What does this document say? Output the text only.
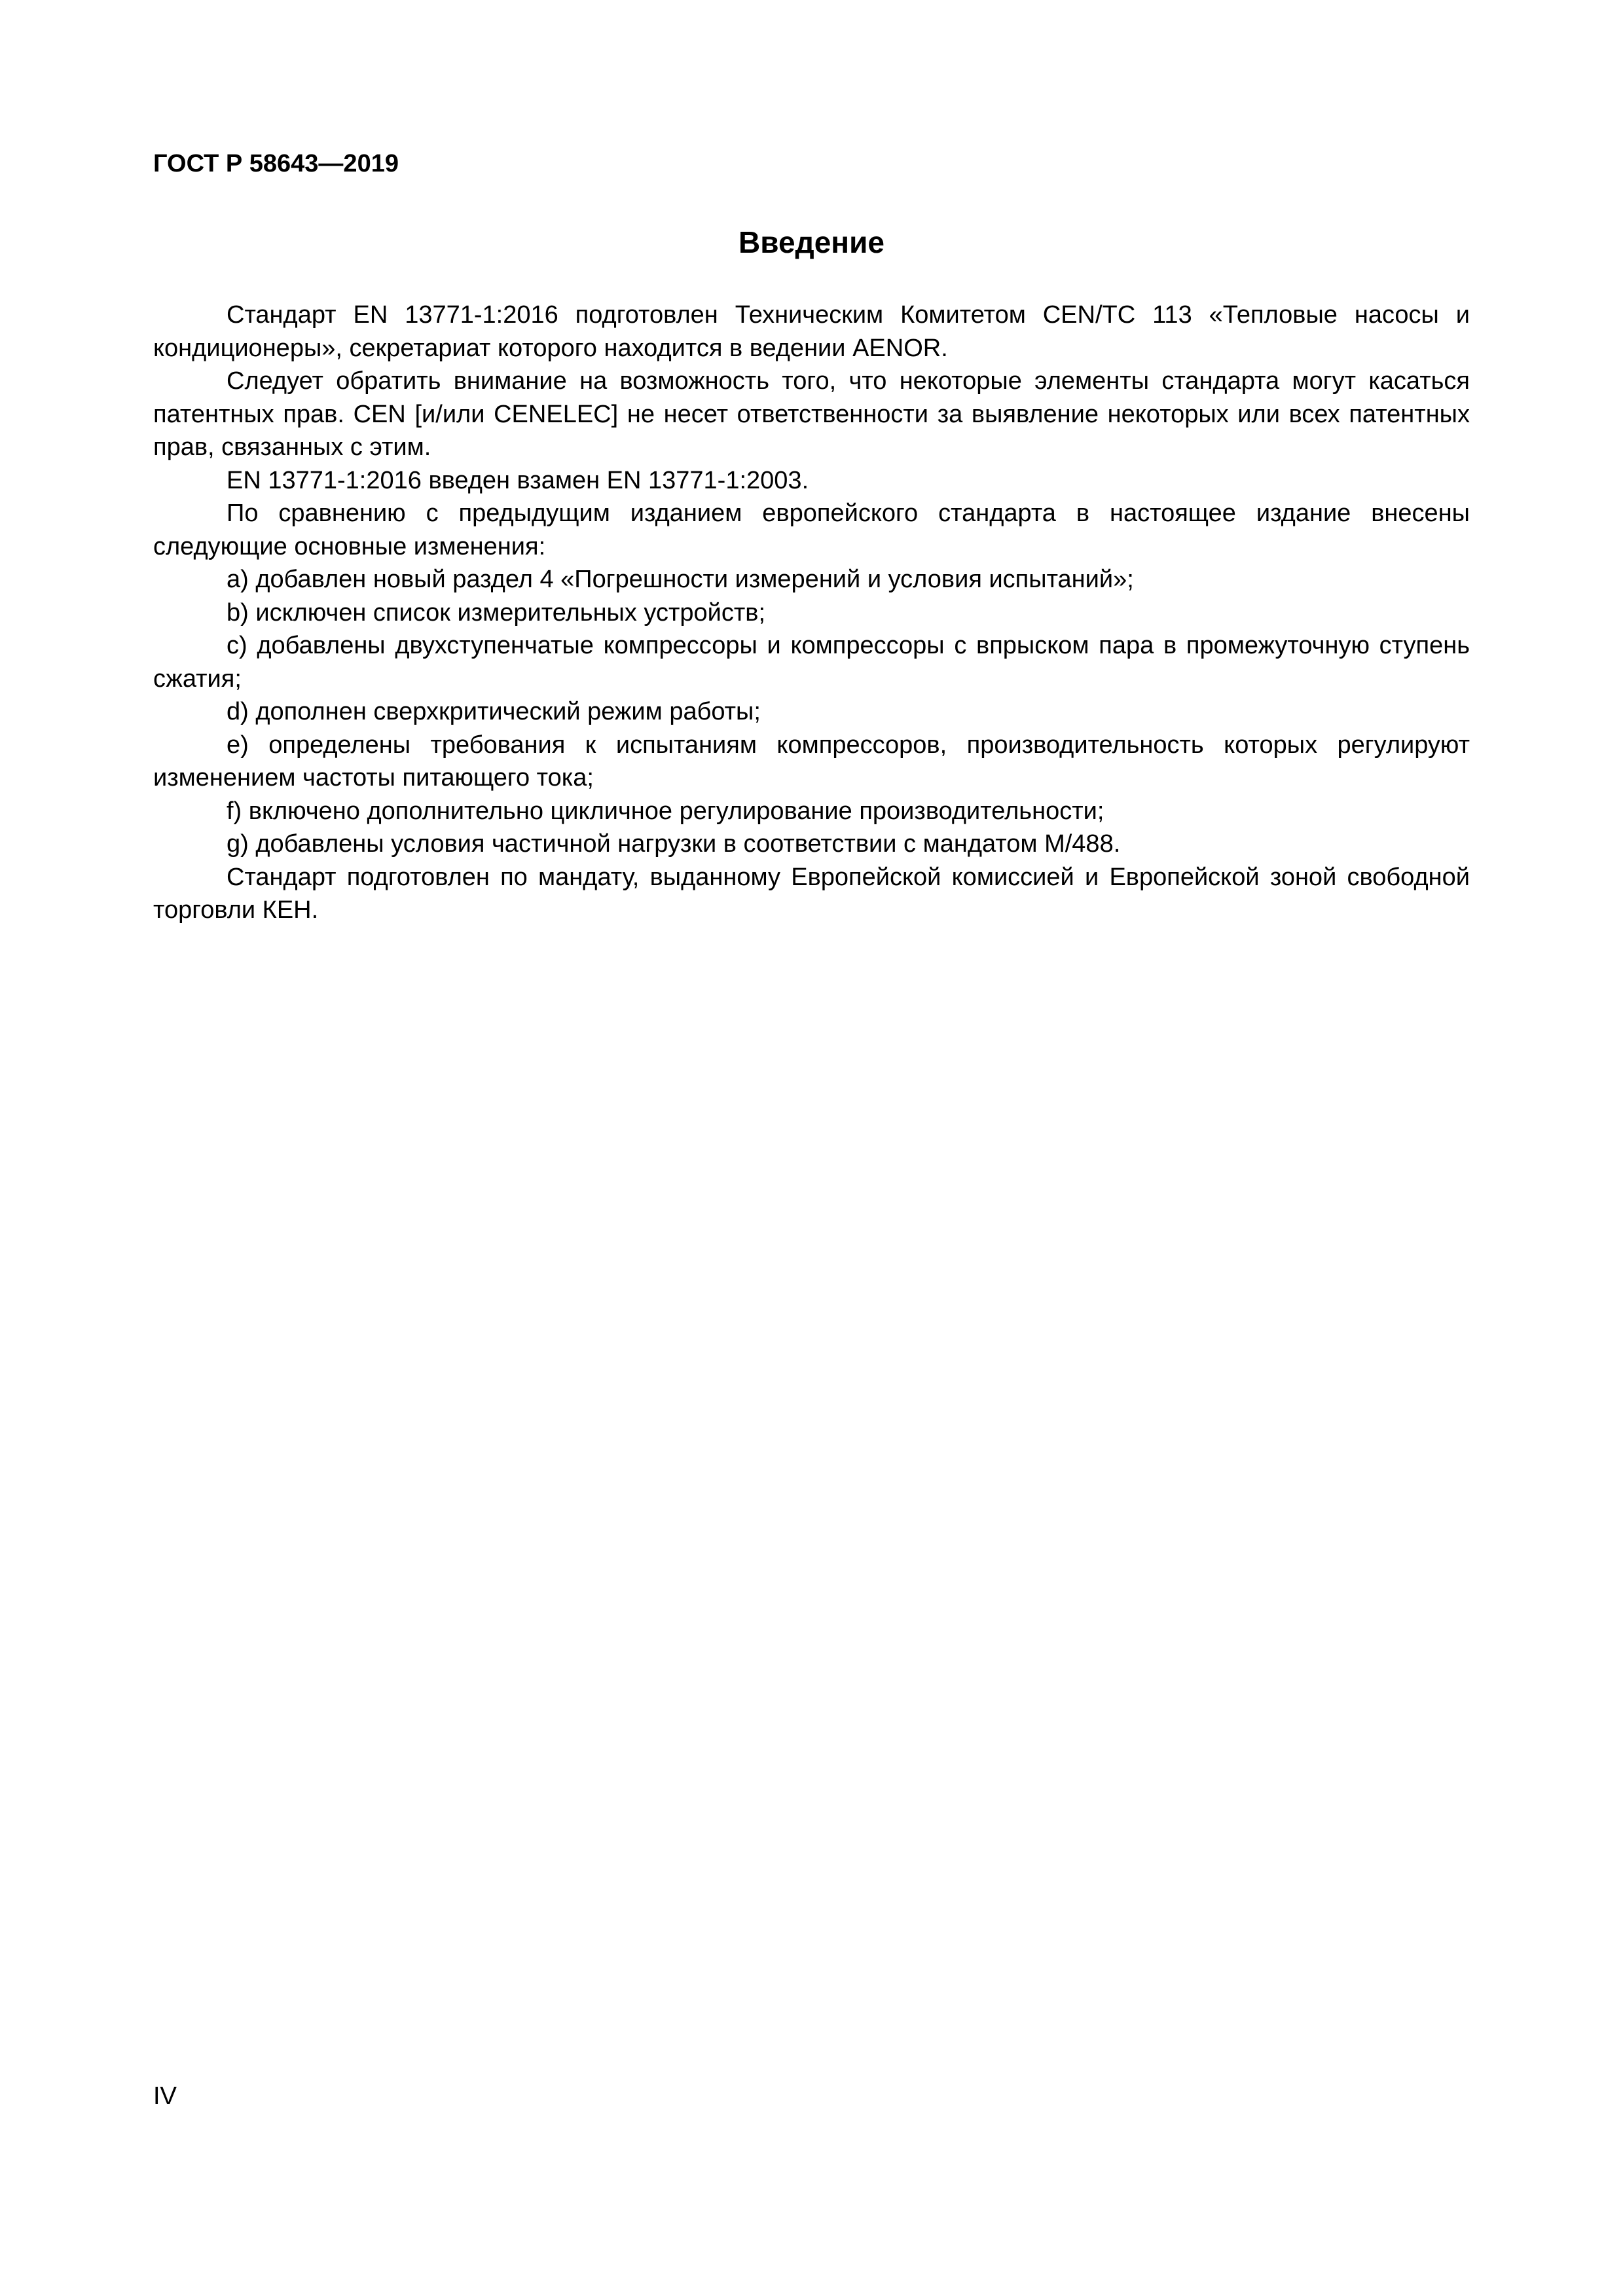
ГОСТ Р 58643—2019
Введение

Стандарт EN 13771-1:2016 подготовлен Техническим Комитетом CEN/TC 113 «Тепловые насосы и кондиционеры», секретариат которого находится в ведении AENOR.

Следует обратить внимание на возможность того, что некоторые элементы стандарта могут касаться патентных прав. CEN [и/или CENELEC] не несет ответственности за выявление некоторых или всех патентных прав, связанных с этим.

EN 13771-1:2016 введен взамен EN 13771-1:2003.

По сравнению с предыдущим изданием европейского стандарта в настоящее издание внесены следующие основные изменения:

a) добавлен новый раздел 4 «Погрешности измерений и условия испытаний»;

b) исключен список измерительных устройств;

c) добавлены двухступенчатые компрессоры и компрессоры с впрыском пара в промежуточную ступень сжатия;

d) дополнен сверхкритический режим работы;

e) определены требования к испытаниям компрессоров, производительность которых регулируют изменением частоты питающего тока;

f) включено дополнительно цикличное регулирование производительности;

g) добавлены условия частичной нагрузки в соответствии с мандатом M/488.

Стандарт подготовлен по мандату, выданному Европейской комиссией и Европейской зоной свободной торговли КЕН.

IV
